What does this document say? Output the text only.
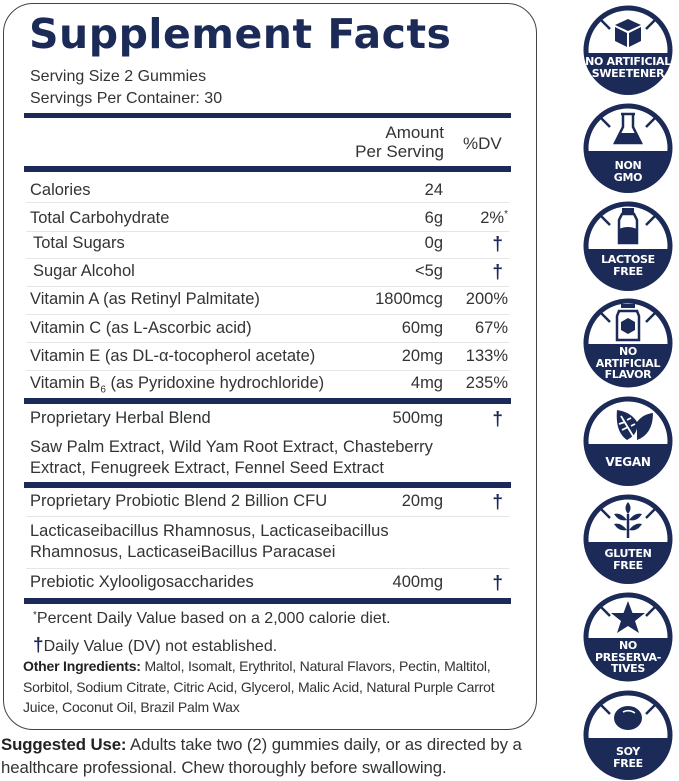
Supplement Facts
Serving Size 2 Gummies
Servings Per Container: 30
Amount
Per Serving %DV
Calories	24
Total Carbohydrate	6g 2%*
Total Sugars	0g	†
Sugar Alcohol	<5g	†
Vitamin A (as Retinyl Palmitate)	1800mcg 200%
Vitamin C (as L-Ascorbic acid)	60mg 67%
Vitamin E (as DL-α-tocopherol acetate)	20mg 133%
Vitamin $B_6$ (as Pyridoxine hydrochloride)	4mg 235%
Proprietary Herbal Blend	500mg	†
Saw Palm Extract, Wild Yam Root Extract, Chasteberry
Extract, Fenugreek Extract, Fennel Seed Extract
Proprietary Probiotic Blend 2 Billion CFU	20mg	†
Lacticaseibacillus Rhamnosus, Lacticaseibacillus
Rhamnosus, LacticaseiBacillus Paracasei
Prebiotic Xylooligosaccharides	400mg	†
*Percent Daily Value based on a 2,000 calorie diet.
†Daily Value (DV) not established.
Other Ingredients: Maltol, Isomalt, Erythritol, Natural Flavors, Pectin, Maltitol, Sorbitol, Sodium Citrate, Citric Acid, Glycerol, Malic Acid, Natural Purple Carrot Juice, Coconut Oil, Brazil Palm Wax
Suggested Use: Adults take two (2) gummies daily, or as directed by a healthcare professional. Chew thoroughly before swallowing.
NO ARTIFICIAL
SWEETENER
NON
GMO
LACTOSE
FREE
NO
ARTIFICIAL
FLAVOR
VEGAN
GLUTEN
FREE
NO
PRESERVA-
TIVES
SOY
FREE
